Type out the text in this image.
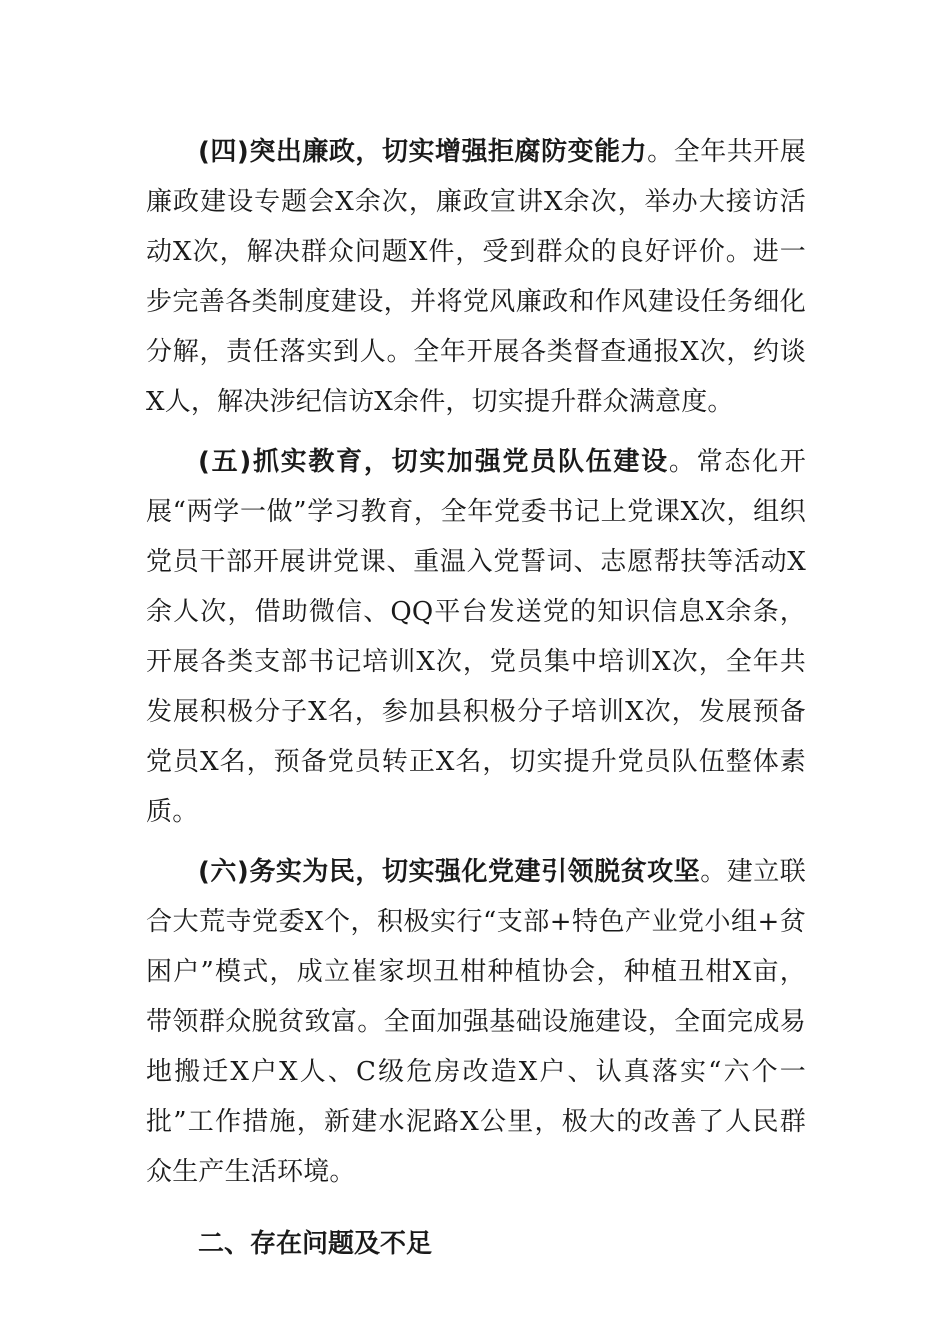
(四)突出廉政，切实增强拒腐防变能力。全年共开展廉政建设专题会X余次，廉政宣讲X余次，举办大接访活动X次，解决群众问题X件，受到群众的良好评价。进一步完善各类制度建设，并将党风廉政和作风建设任务细化分解，责任落实到人。全年开展各类督查通报X次，约谈X人，解决涉纪信访X余件，切实提升群众满意度。

(五)抓实教育，切实加强党员队伍建设。常态化开展“两学一做”学习教育，全年党委书记上党课X次，组织党员干部开展讲党课、重温入党誓词、志愿帮扶等活动X余人次，借助微信、QQ平台发送党的知识信息X余条，开展各类支部书记培训X次，党员集中培训X次，全年共发展积极分子X名，参加县积极分子培训X次，发展预备党员X名，预备党员转正X名，切实提升党员队伍整体素质。

(六)务实为民，切实强化党建引领脱贫攻坚。建立联合大荒寺党委X个，积极实行“支部+特色产业党小组+贫困户”模式，成立崔家坝丑柑种植协会，种植丑柑X亩，带领群众脱贫致富。全面加强基础设施建设，全面完成易地搬迁X户X人、C级危房改造X户、认真落实“六个一批”工作措施，新建水泥路X公里，极大的改善了人民群众生产生活环境。

二、存在问题及不足
